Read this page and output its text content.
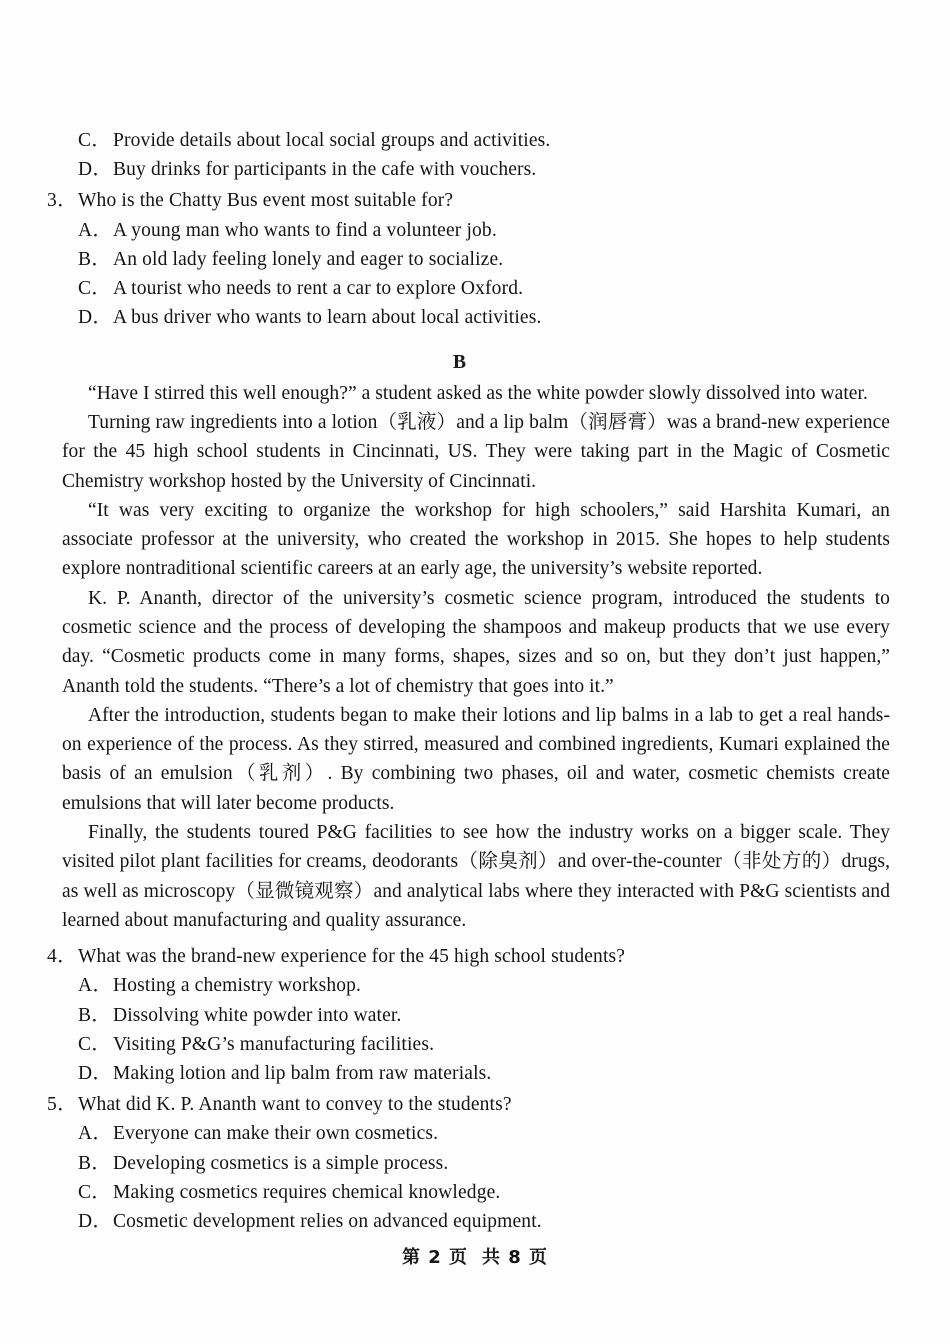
C． Provide details about local social groups and activities.
D． Buy drinks for participants in the cafe with vouchers.
3． Who is the Chatty Bus event most suitable for?
A． A young man who wants to find a volunteer job.
B． An old lady feeling lonely and eager to socialize.
C． A tourist who needs to rent a car to explore Oxford.
D． A bus driver who wants to learn about local activities.
B

“Have I stirred this well enough?” a student asked as the white powder slowly dissolved into water.

Turning raw ingredients into a lotion（乳液）and a lip balm（润唇膏）was a brand-new experience for the 45 high school students in Cincinnati, US. They were taking part in the Magic of Cosmetic Chemistry workshop hosted by the University of Cincinnati.

“It was very exciting to organize the workshop for high schoolers,” said Harshita Kumari, an associate professor at the university, who created the workshop in 2015. She hopes to help students explore nontraditional scientific careers at an early age, the university’s website reported.

K. P. Ananth, director of the university’s cosmetic science program, introduced the students to cosmetic science and the process of developing the shampoos and makeup products that we use every day. “Cosmetic products come in many forms, shapes, sizes and so on, but they don’t just happen,” Ananth told the students. “There’s a lot of chemistry that goes into it.”

After the introduction, students began to make their lotions and lip balms in a lab to get a real hands-on experience of the process. As they stirred, measured and combined ingredients, Kumari explained the basis of an emulsion（乳剂）. By combining two phases, oil and water, cosmetic chemists create emulsions that will later become products.

Finally, the students toured P&G facilities to see how the industry works on a bigger scale. They visited pilot plant facilities for creams, deodorants（除臭剂）and over-the-counter（非处方的）drugs, as well as microscopy（显微镜观察）and analytical labs where they interacted with P&G scientists and learned about manufacturing and quality assurance.

4． What was the brand-new experience for the 45 high school students?
A． Hosting a chemistry workshop.
B． Dissolving white powder into water.
C． Visiting P&G’s manufacturing facilities.
D． Making lotion and lip balm from raw materials.
5． What did K. P. Ananth want to convey to the students?
A． Everyone can make their own cosmetics.
B． Developing cosmetics is a simple process.
C． Making cosmetics requires chemical knowledge.
D． Cosmetic development relies on advanced equipment.
第 2 页 共 8 页
